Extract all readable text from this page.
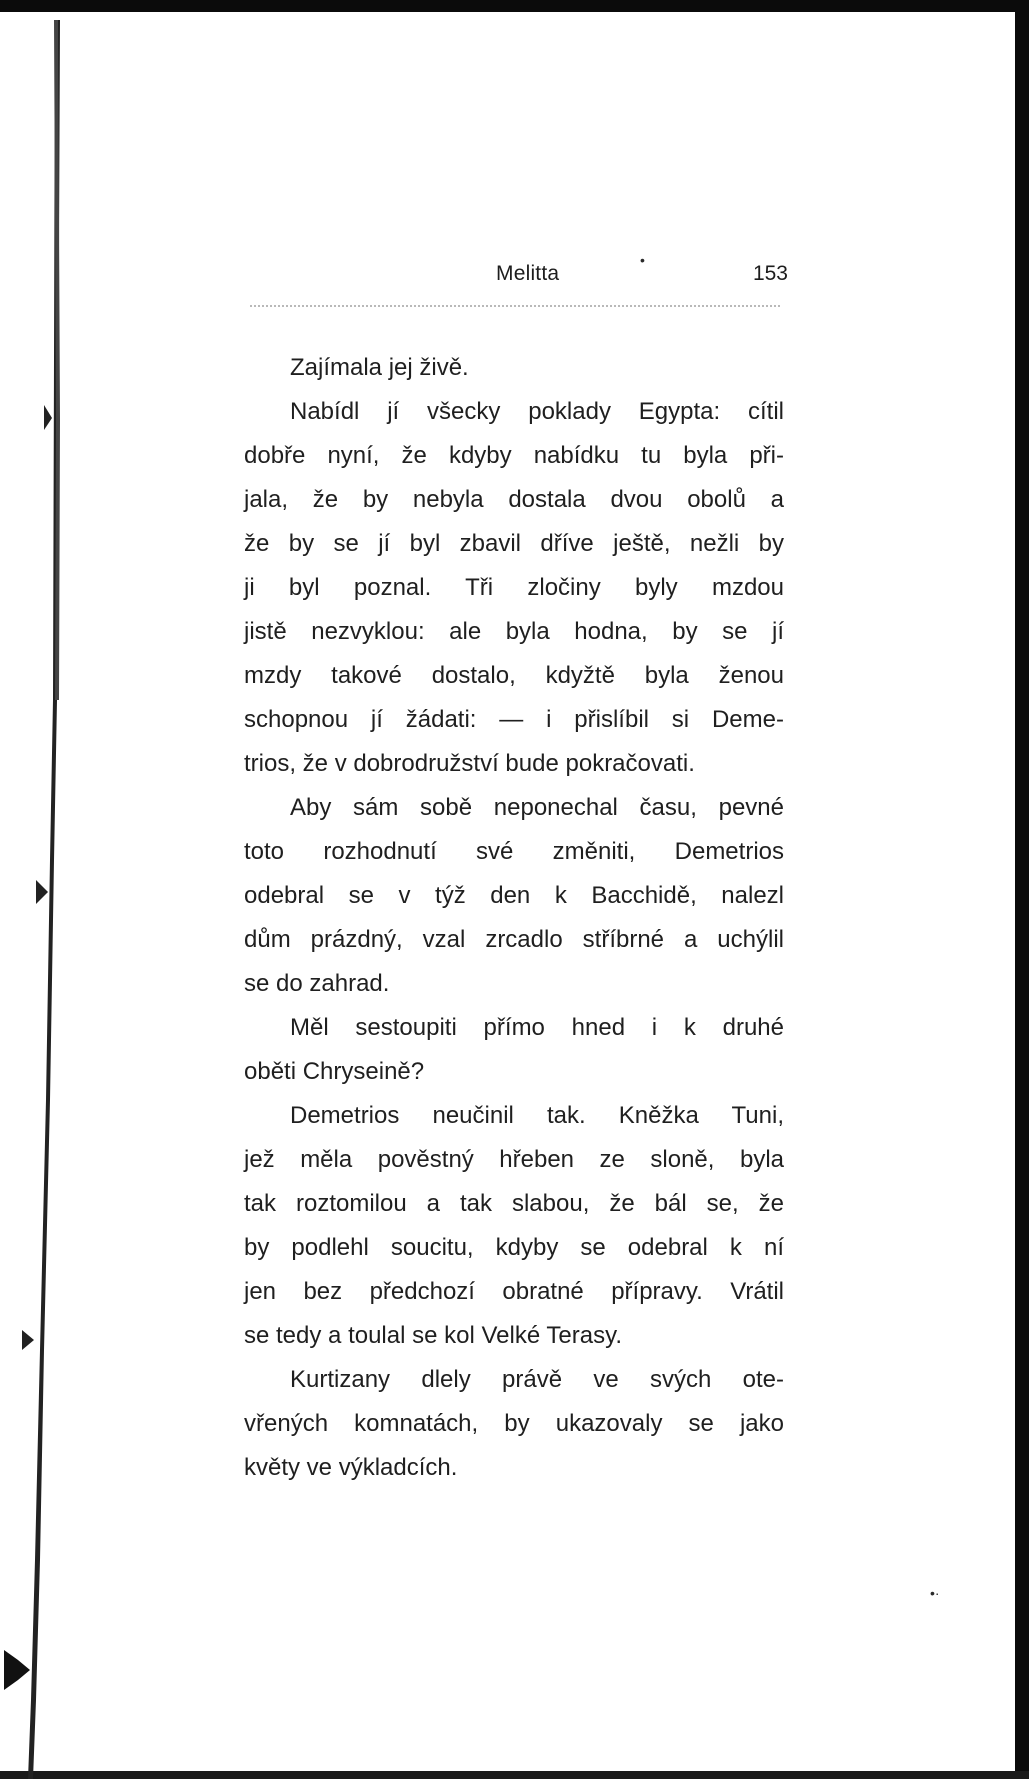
Melitta	153
•
•·
Zajímala jej živě.
Nabídl jí všecky poklady Egypta: cítil
dobře nyní, že kdyby nabídku tu byla při-
jala, že by nebyla dostala dvou obolů a
že by se jí byl zbavil dříve ještě, nežli by
ji byl poznal. Tři zločiny byly mzdou
jistě nezvyklou: ale byla hodna, by se jí
mzdy takové dostalo, kdyžtě byla ženou
schopnou jí žádati: — i přislíbil si Deme-
trios, že v dobrodružství bude pokračovati.
Aby sám sobě neponechal času, pevné
toto rozhodnutí své změniti, Demetrios
odebral se v týž den k Bacchidě, nalezl
dům prázdný, vzal zrcadlo stříbrné a uchýlil
se do zahrad.
Měl sestoupiti přímo hned i k druhé
oběti Chryseině?
Demetrios neučinil tak. Kněžka Tuni,
jež měla pověstný hřeben ze sloně, byla
tak roztomilou a tak slabou, že bál se, že
by podlehl soucitu, kdyby se odebral k ní
jen bez předchozí obratné přípravy. Vrátil
se tedy a toulal se kol Velké Terasy.
Kurtizany dlely právě ve svých ote-
vřených komnatách, by ukazovaly se jako
květy ve výkladcích.
